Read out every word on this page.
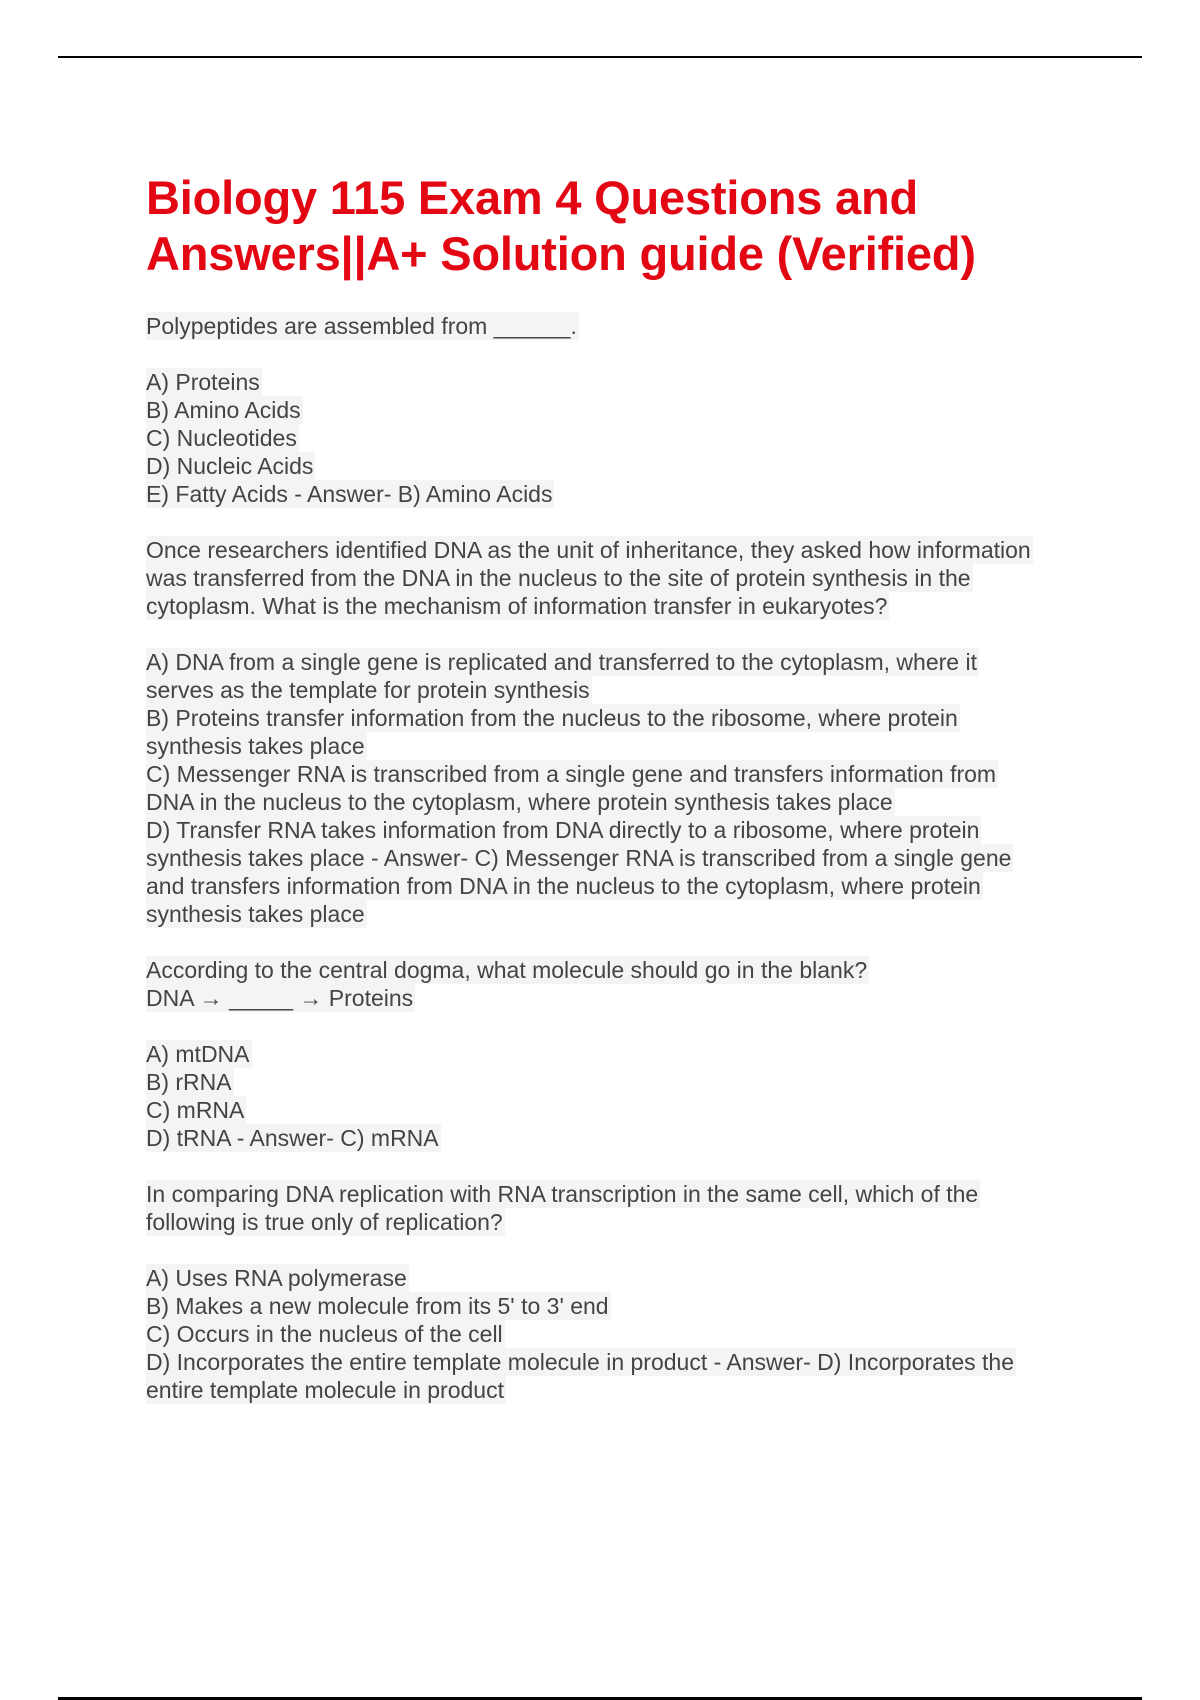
Biology 115 Exam 4 Questions and
Answers||A+ Solution guide (Verified)
Polypeptides are assembled from ______.
A) Proteins
B) Amino Acids
C) Nucleotides
D) Nucleic Acids
E) Fatty Acids - Answer- B) Amino Acids
Once researchers identified DNA as the unit of inheritance, they asked how information
was transferred from the DNA in the nucleus to the site of protein synthesis in the
cytoplasm. What is the mechanism of information transfer in eukaryotes?
A) DNA from a single gene is replicated and transferred to the cytoplasm, where it
serves as the template for protein synthesis
B) Proteins transfer information from the nucleus to the ribosome, where protein
synthesis takes place
C) Messenger RNA is transcribed from a single gene and transfers information from
DNA in the nucleus to the cytoplasm, where protein synthesis takes place
D) Transfer RNA takes information from DNA directly to a ribosome, where protein
synthesis takes place - Answer- C) Messenger RNA is transcribed from a single gene
and transfers information from DNA in the nucleus to the cytoplasm, where protein
synthesis takes place
According to the central dogma, what molecule should go in the blank?
DNA → _____ → Proteins
A) mtDNA
B) rRNA
C) mRNA
D) tRNA - Answer- C) mRNA
In comparing DNA replication with RNA transcription in the same cell, which of the
following is true only of replication?
A) Uses RNA polymerase
B) Makes a new molecule from its 5' to 3' end
C) Occurs in the nucleus of the cell
D) Incorporates the entire template molecule in product - Answer- D) Incorporates the
entire template molecule in product
